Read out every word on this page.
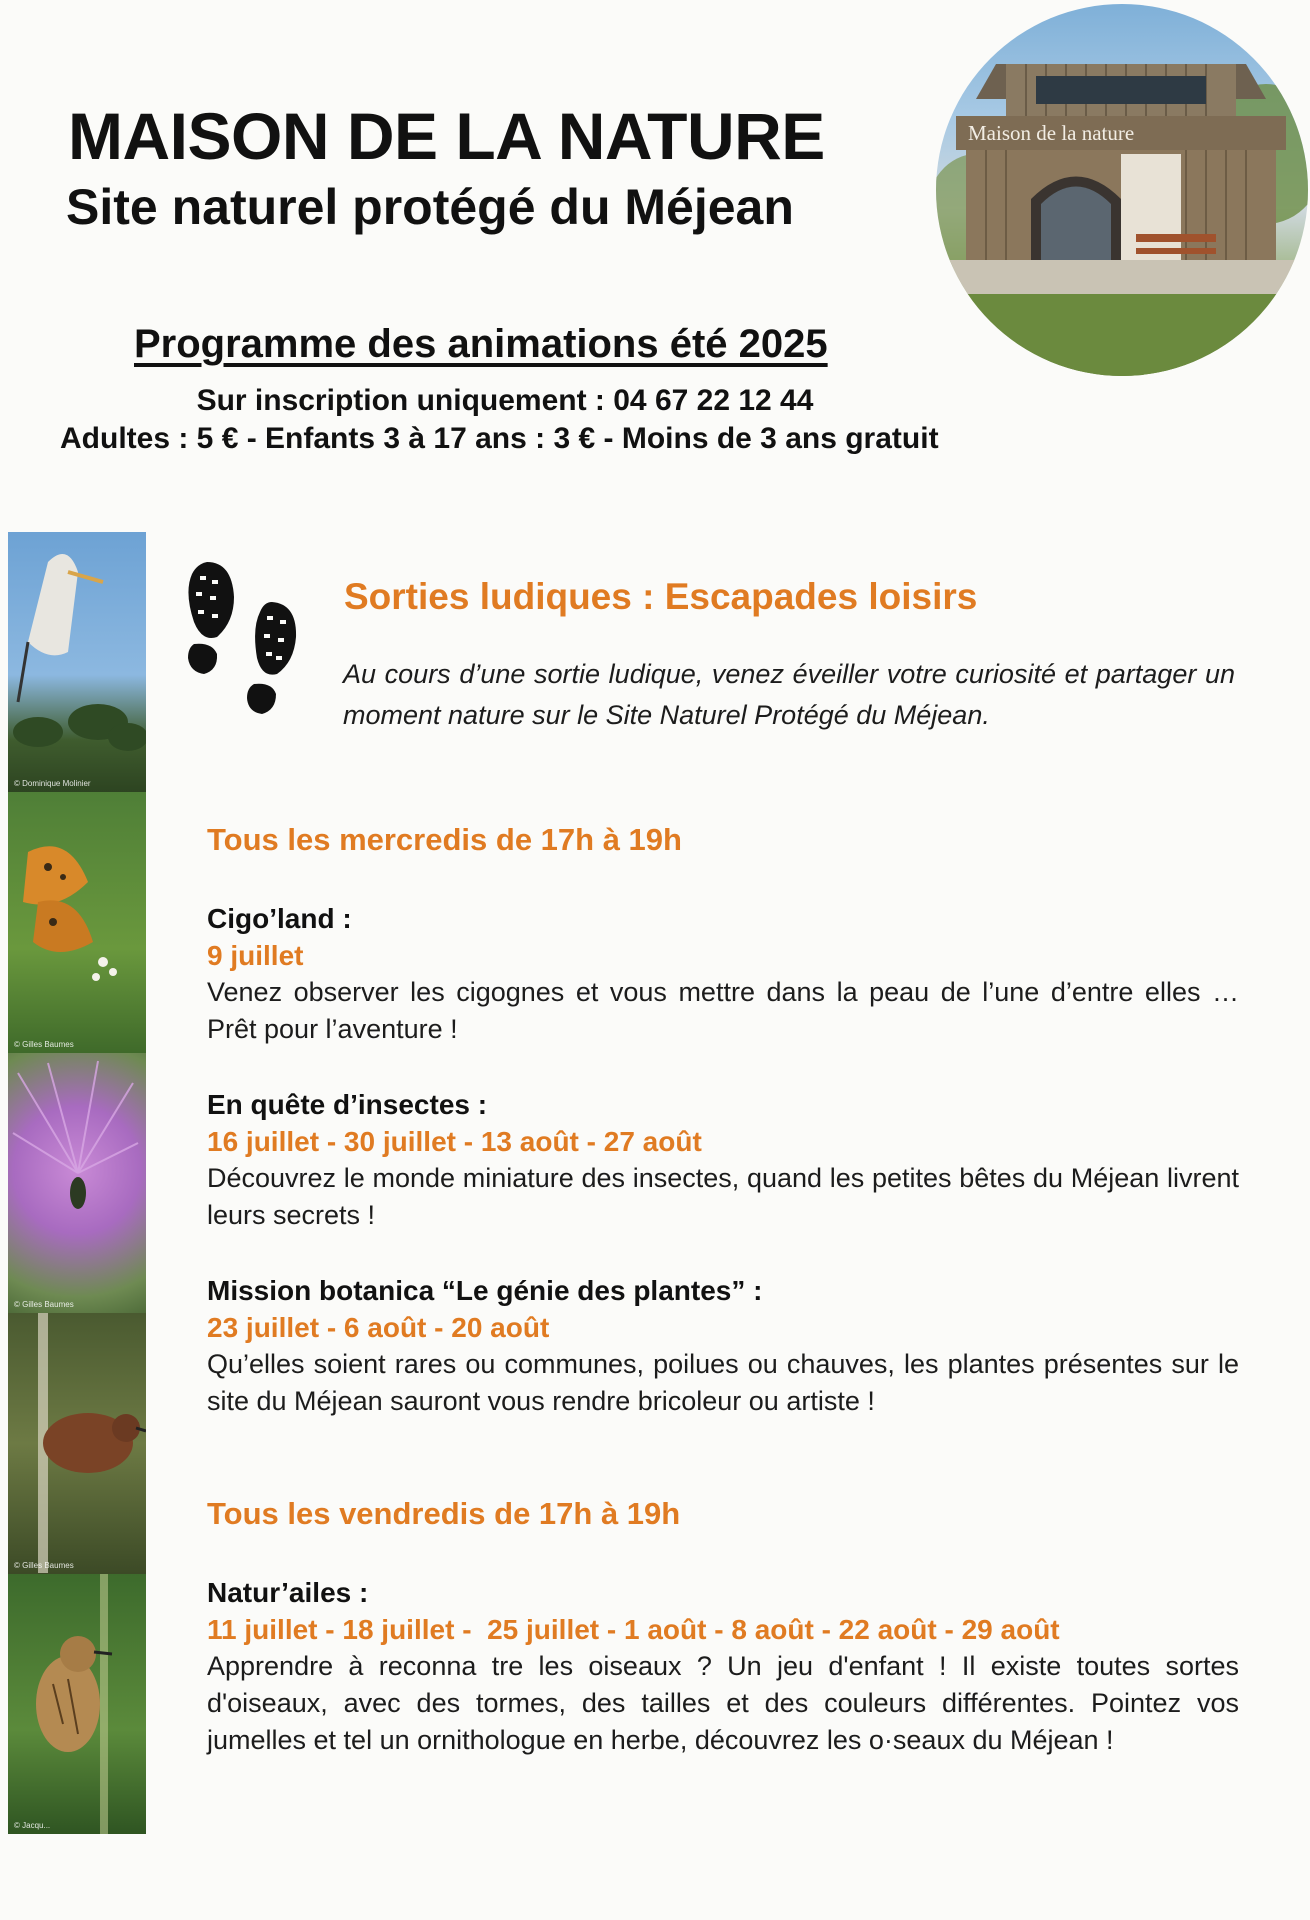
MAISON DE LA NATURE
Site naturel protégé du Méjean
Maison de la nature
Programme des animations été 2025
Sur inscription uniquement : 04 67 22 12 44
Adultes : 5 € - Enfants 3 à 17 ans : 3 € - Moins de 3 ans gratuit
© Dominique Molinier
© Gilles Baumes
© Gilles Baumes
© Gilles Baumes
© Jacqu...
Sorties ludiques : Escapades loisirs

Au cours d’une sortie ludique, venez éveiller votre curiosité et partager un moment nature sur le Site Naturel Protégé du Méjean.

Tous les mercredis de 17h à 19h
Cigo’land :
9 juillet
Venez observer les cigognes et vous mettre dans la peau de l’une d’entre elles … Prêt pour l’aventure !
En quête d’insectes :
16 juillet - 30 juillet - 13 août - 27 août
Découvrez le monde miniature des insectes, quand les petites bêtes du Méjean livrent leurs secrets !
Mission botanica “Le génie des plantes” :
23 juillet - 6 août - 20 août
Qu’elles soient rares ou communes, poilues ou chauves, les plantes présentes sur le site du Méjean sauront vous rendre bricoleur ou artiste !
Tous les vendredis de 17h à 19h
Natur’ailes :
11 juillet - 18 juillet -  25 juillet - 1 août - 8 août - 22 août - 29 août
Apprendre à reconna tre les oiseaux ? Un jeu d'enfant ! Il existe toutes sortes d'oiseaux, avec des tormes, des tailles et des couleurs différentes. Pointez vos jumelles et tel un ornithologue en herbe, découvrez les o·seaux du Méjean !
